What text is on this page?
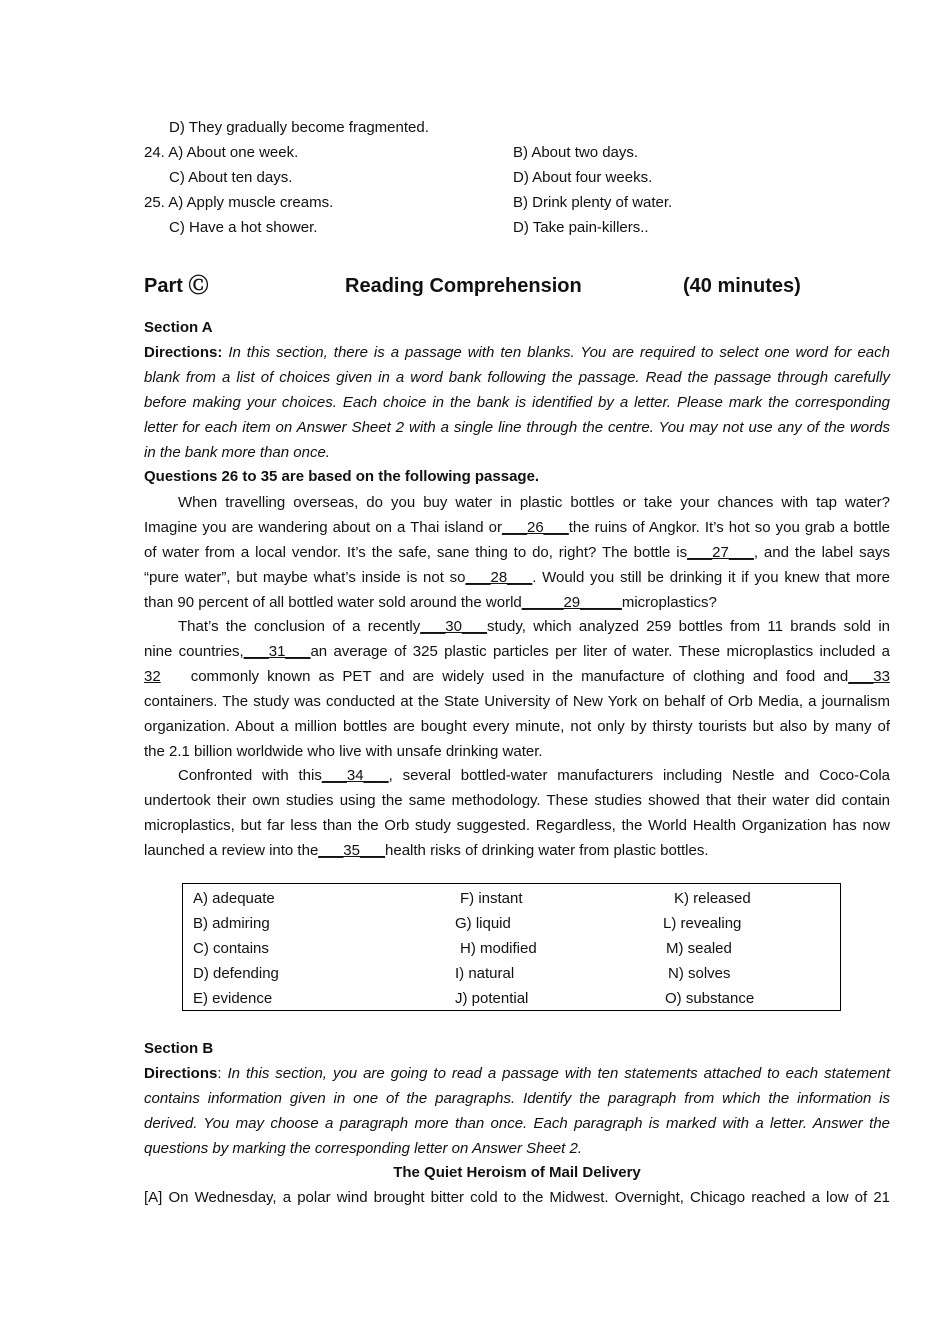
D) They gradually become fragmented.
24. A) About one week.	B) About two days.
C) About ten days.	D) About four weeks.
25. A) Apply muscle creams.	B) Drink plenty of water.
C) Have a hot shower.	D) Take pain-killers..
Part Ⓒ	Reading Comprehension	(40 minutes)
Section A
Directions: In this section, there is a passage with ten blanks. You are required to select one word for each
blank from a list of choices given in a word bank following the passage. Read the passage through carefully
before making your choices. Each choice in the bank is identified by a letter. Please mark the corresponding
letter for each item on Answer Sheet 2 with a single line through the centre. You may not use any of the words
in the bank more than once.
Questions 26 to 35 are based on the following passage.
When travelling overseas, do you buy water in plastic bottles or take your chances with tap water?
Imagine you are wandering about on a Thai island or___26___the ruins of Angkor. It’s hot so you grab a bottle
of water from a local vendor. It’s the safe, sane thing to do, right? The bottle is___27___, and the label says
“pure water”, but maybe what’s inside is not so___28___. Would you still be drinking it if you knew that more
than 90 percent of all bottled water sold around the world_____29_____microplastics?
That’s the conclusion of a recently___30___study, which analyzed 259 bottles from 11 brands sold in
nine countries,___31___an average of 325 plastic particles per liter of water. These microplastics included a
32 commonly known as PET and are widely used in the manufacture of clothing and food and___33
containers. The study was conducted at the State University of New York on behalf of Orb Media, a journalism
organization. About a million bottles are bought every minute, not only by thirsty tourists but also by many of
the 2.1 billion worldwide who live with unsafe drinking water.
Confronted with this___34___, several bottled-water manufacturers including Nestle and Coco-Cola
undertook their own studies using the same methodology. These studies showed that their water did contain
microplastics, but far less than the Orb study suggested. Regardless, the World Health Organization has now
launched a review into the___35___health risks of drinking water from plastic bottles.
A) adequate	F) instant	K) released
B) admiring	G) liquid	L) revealing
C) contains	H) modified	M) sealed
D) defending	I) natural	N) solves
E) evidence	J) potential	O) substance
Section B
Directions: In this section, you are going to read a passage with ten statements attached to each statement
contains information given in one of the paragraphs. Identify the paragraph from which the information is
derived. You may choose a paragraph more than once. Each paragraph is marked with a letter. Answer the
questions by marking the corresponding letter on Answer Sheet 2.
The Quiet Heroism of Mail Delivery
[A] On Wednesday, a polar wind brought bitter cold to the Midwest. Overnight, Chicago reached a low of 21
